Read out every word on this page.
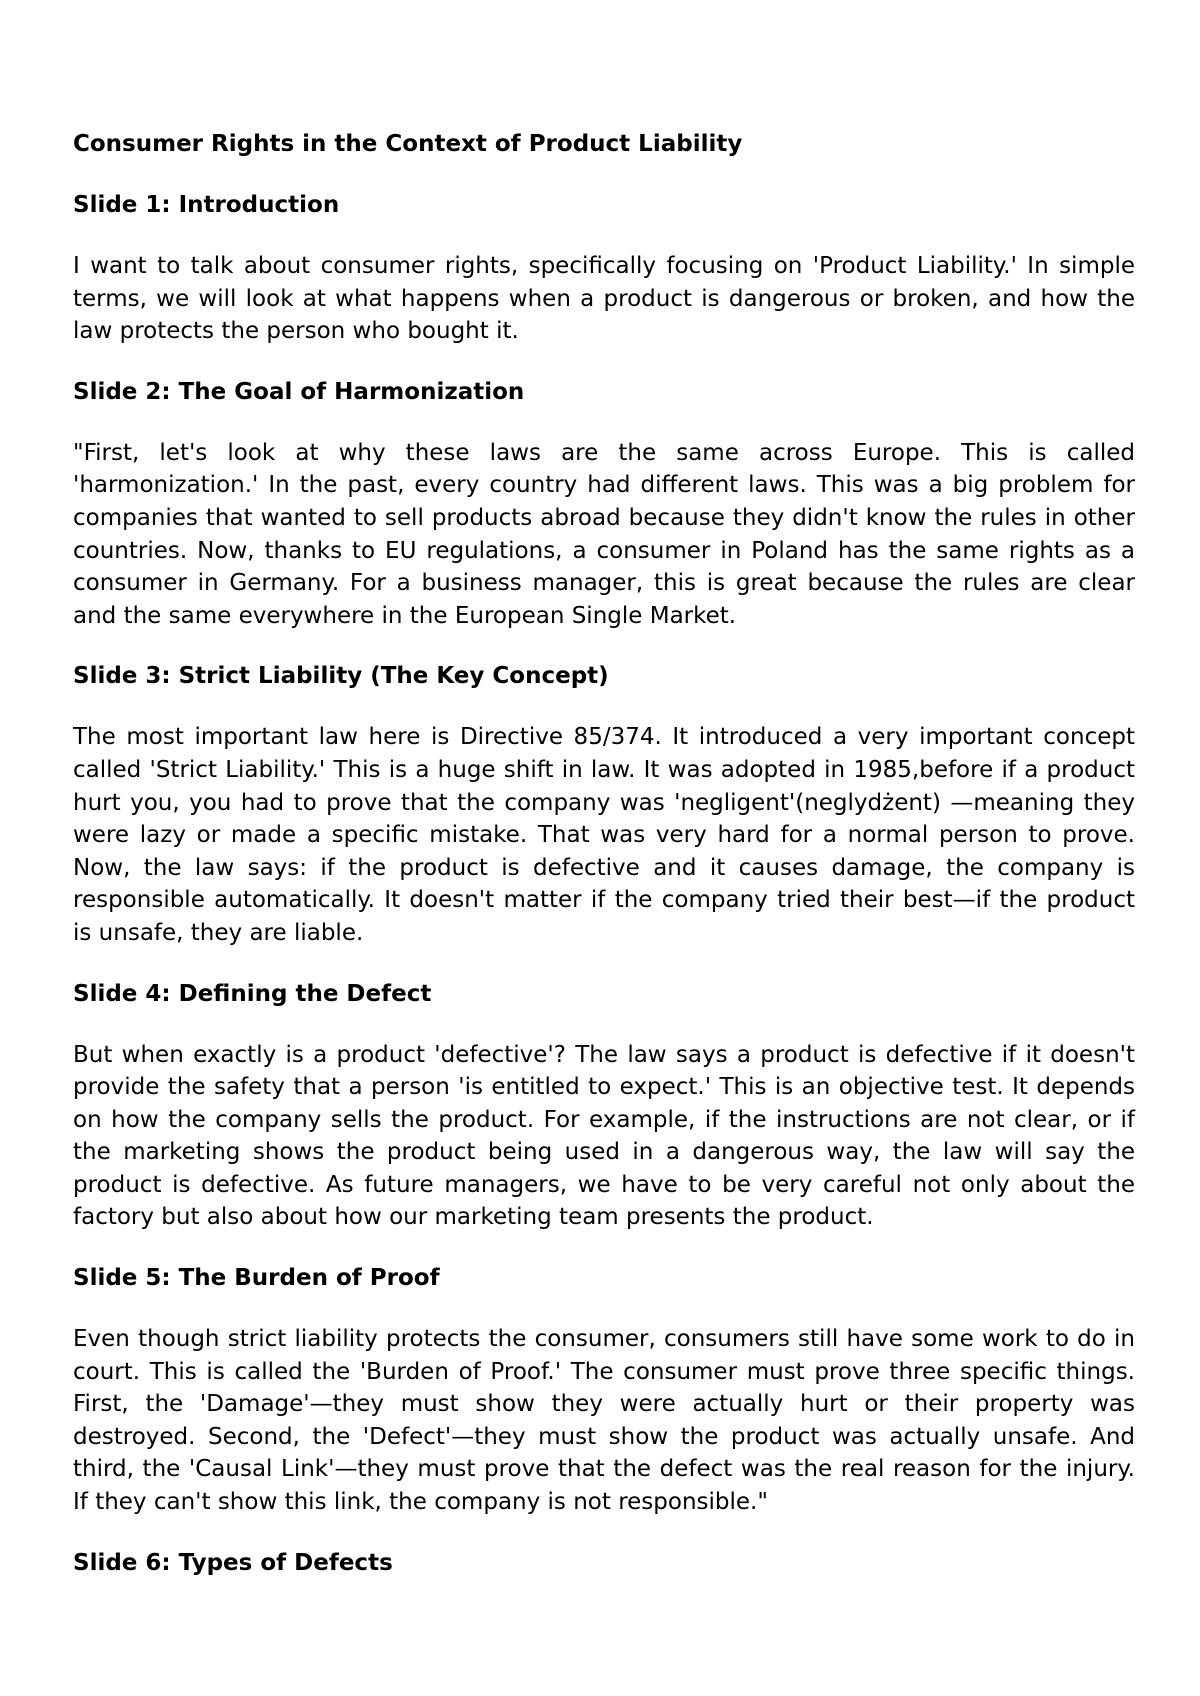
Consumer Rights in the Context of Product Liability
Slide 1: Introduction

I want to talk about consumer rights, specifically focusing on 'Product Liability.' In simple terms, we will look at what happens when a product is dangerous or broken, and how the law protects the person who bought it.

Slide 2: The Goal of Harmonization

"First, let's look at why these laws are the same across Europe. This is called 'harmonization.' In the past, every country had different laws. This was a big problem for companies that wanted to sell products abroad because they didn't know the rules in other countries. Now, thanks to EU regulations, a consumer in Poland has the same rights as a consumer in Germany. For a business manager, this is great because the rules are clear and the same everywhere in the European Single Market.

Slide 3: Strict Liability (The Key Concept)

The most important law here is Directive 85/374. It introduced a very important concept called 'Strict Liability.' This is a huge shift in law. It was adopted in 1985,before if a product hurt you, you had to prove that the company was 'negligent'(neglydżent) —meaning they were lazy or made a specific mistake. That was very hard for a normal person to prove. Now, the law says: if the product is defective and it causes damage, the company is responsible automatically. It doesn't matter if the company tried their best—if the product is unsafe, they are liable.

Slide 4: Defining the Defect

But when exactly is a product 'defective'? The law says a product is defective if it doesn't provide the safety that a person 'is entitled to expect.' This is an objective test. It depends on how the company sells the product. For example, if the instructions are not clear, or if the marketing shows the product being used in a dangerous way, the law will say the product is defective. As future managers, we have to be very careful not only about the factory but also about how our marketing team presents the product.

Slide 5: The Burden of Proof

Even though strict liability protects the consumer, consumers still have some work to do in court. This is called the 'Burden of Proof.' The consumer must prove three specific things. First, the 'Damage'—they must show they were actually hurt or their property was destroyed. Second, the 'Defect'—they must show the product was actually unsafe. And third, the 'Causal Link'—they must prove that the defect was the real reason for the injury. If they can't show this link, the company is not responsible."

Slide 6: Types of Defects
